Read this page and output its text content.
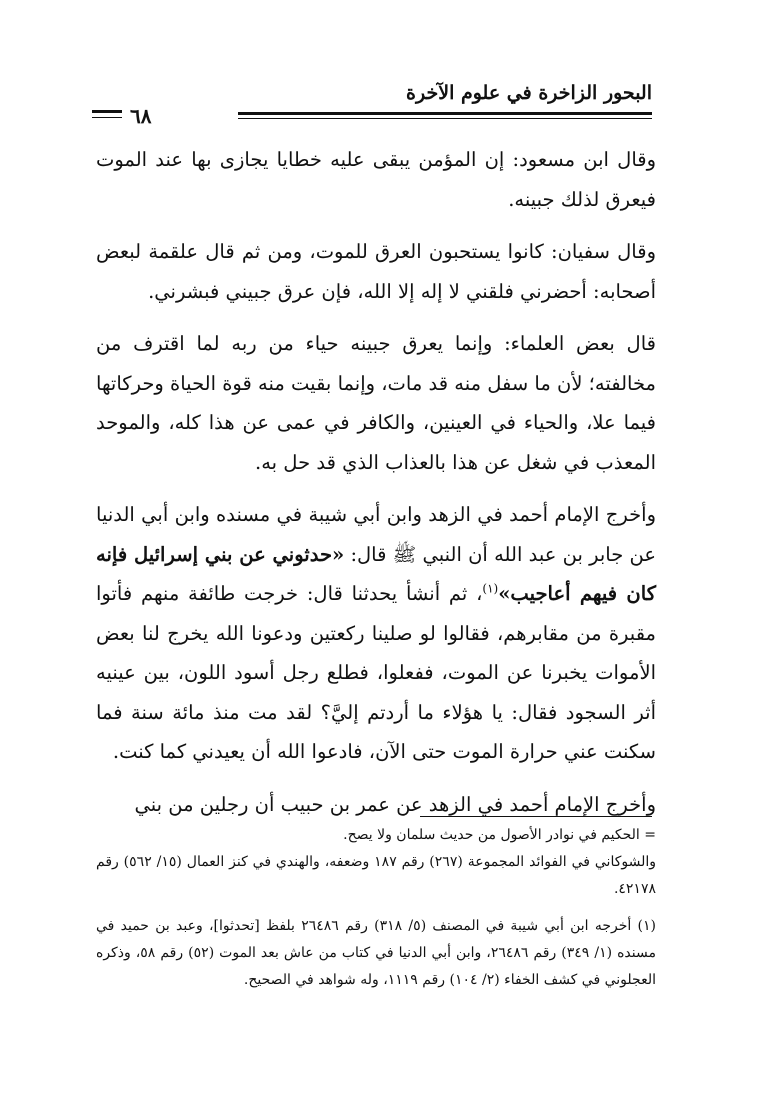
البحور الزاخرة في علوم الآخرة
٦٨

وقال ابن مسعود: إن المؤمن يبقى عليه خطايا يجازى بها عند الموت فيعرق لذلك جبينه.

وقال سفيان: كانوا يستحبون العرق للموت، ومن ثم قال علقمة لبعض أصحابه: أحضرني فلقني لا إله إلا الله، فإن عرق جبيني فبشرني.

قال بعض العلماء: وإنما يعرق جبينه حياء من ربه لما اقترف من مخالفته؛ لأن ما سفل منه قد مات، وإنما بقيت منه قوة الحياة وحركاتها فيما علا، والحياء في العينين، والكافر في عمى عن هذا كله، والموحد المعذب في شغل عن هذا بالعذاب الذي قد حل به.

وأخرج الإمام أحمد في الزهد وابن أبي شيبة في مسنده وابن أبي الدنيا عن جابر بن عبد الله أن النبي ﷺ قال: «حدثوني عن بني إسرائيل فإنه كان فيهم أعاجيب»$^{(١)}$، ثم أنشأ يحدثنا قال: خرجت طائفة منهم فأتوا مقبرة من مقابرهم، فقالوا لو صلينا ركعتين ودعونا الله يخرج لنا بعض الأموات يخبرنا عن الموت، ففعلوا، فطلع رجل أسود اللون، بين عينيه أثر السجود فقال: يا هؤلاء ما أردتم إليَّ؟ لقد مت منذ مائة سنة فما سكنت عني حرارة الموت حتى الآن، فادعوا الله أن يعيدني كما كنت.

وأخرج الإمام أحمد في الزهد عن عمر بن حبيب أن رجلين من بني

= الحكيم في نوادر الأصول من حديث سلمان ولا يصح.

والشوكاني في الفوائد المجموعة (٢٦٧) رقم ١٨٧ وضعفه، والهندي في كنز العمال (١٥/ ٥٦٢) رقم ٤٢١٧٨.

(١) أخرجه ابن أبي شيبة في المصنف (٥/ ٣١٨) رقم ٢٦٤٨٦ بلفظ [تحدثوا]، وعبد بن حميد في مسنده (١/ ٣٤٩) رقم ٢٦٤٨٦، وابن أبي الدنيا في كتاب من عاش بعد الموت (٥٢) رقم ٥٨، وذكره العجلوني في كشف الخفاء (٢/ ١٠٤) رقم ١١١٩، وله شواهد في الصحيح.
